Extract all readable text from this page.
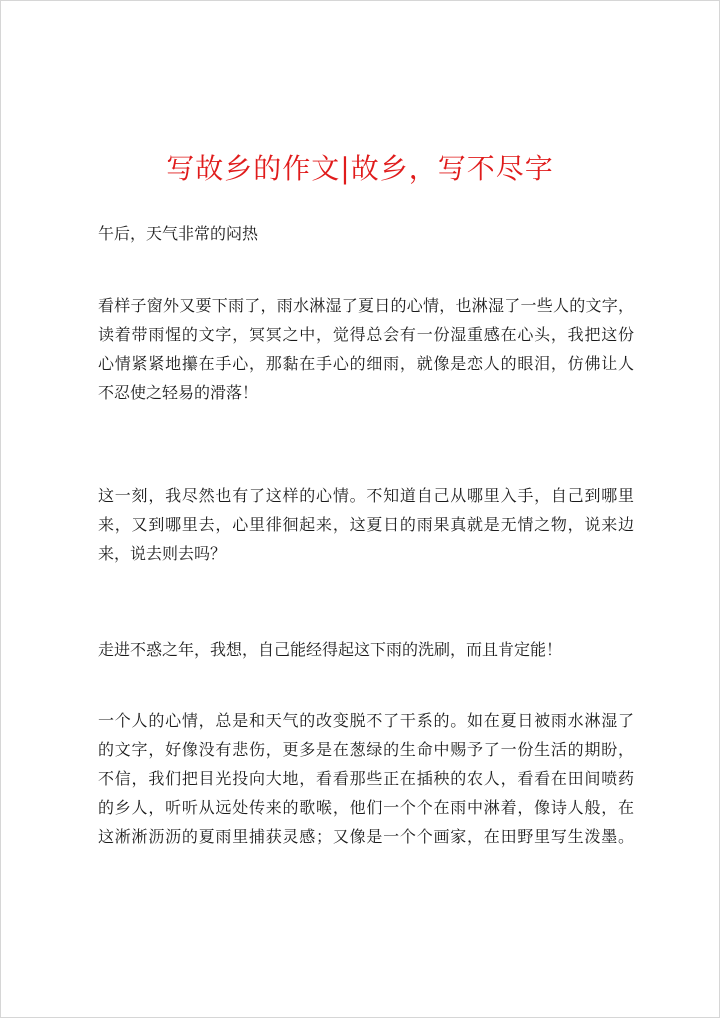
写故乡的作文|故乡，写不尽字
午后，天气非常的闷热
看样子窗外又要下雨了，雨水淋湿了夏日的心情，也淋湿了一些人的文字，
读着带雨惺的文字，冥冥之中，觉得总会有一份湿重感在心头，我把这份
心情紧紧地攥在手心，那黏在手心的细雨，就像是恋人的眼泪，仿佛让人
不忍使之轻易的滑落！
这一刻，我尽然也有了这样的心情。不知道自己从哪里入手，自己到哪里
来，又到哪里去，心里徘徊起来，这夏日的雨果真就是无情之物，说来边
来，说去则去吗？
走进不惑之年，我想，自己能经得起这下雨的洗刷，而且肯定能！
一个人的心情，总是和天气的改变脱不了干系的。如在夏日被雨水淋湿了
的文字，好像没有悲伤，更多是在葱绿的生命中赐予了一份生活的期盼，
不信，我们把目光投向大地，看看那些正在插秧的农人，看看在田间喷药
的乡人，听听从远处传来的歌喉，他们一个个在雨中淋着，像诗人般，在
这淅淅沥沥的夏雨里捕获灵感；又像是一个个画家，在田野里写生泼墨。
